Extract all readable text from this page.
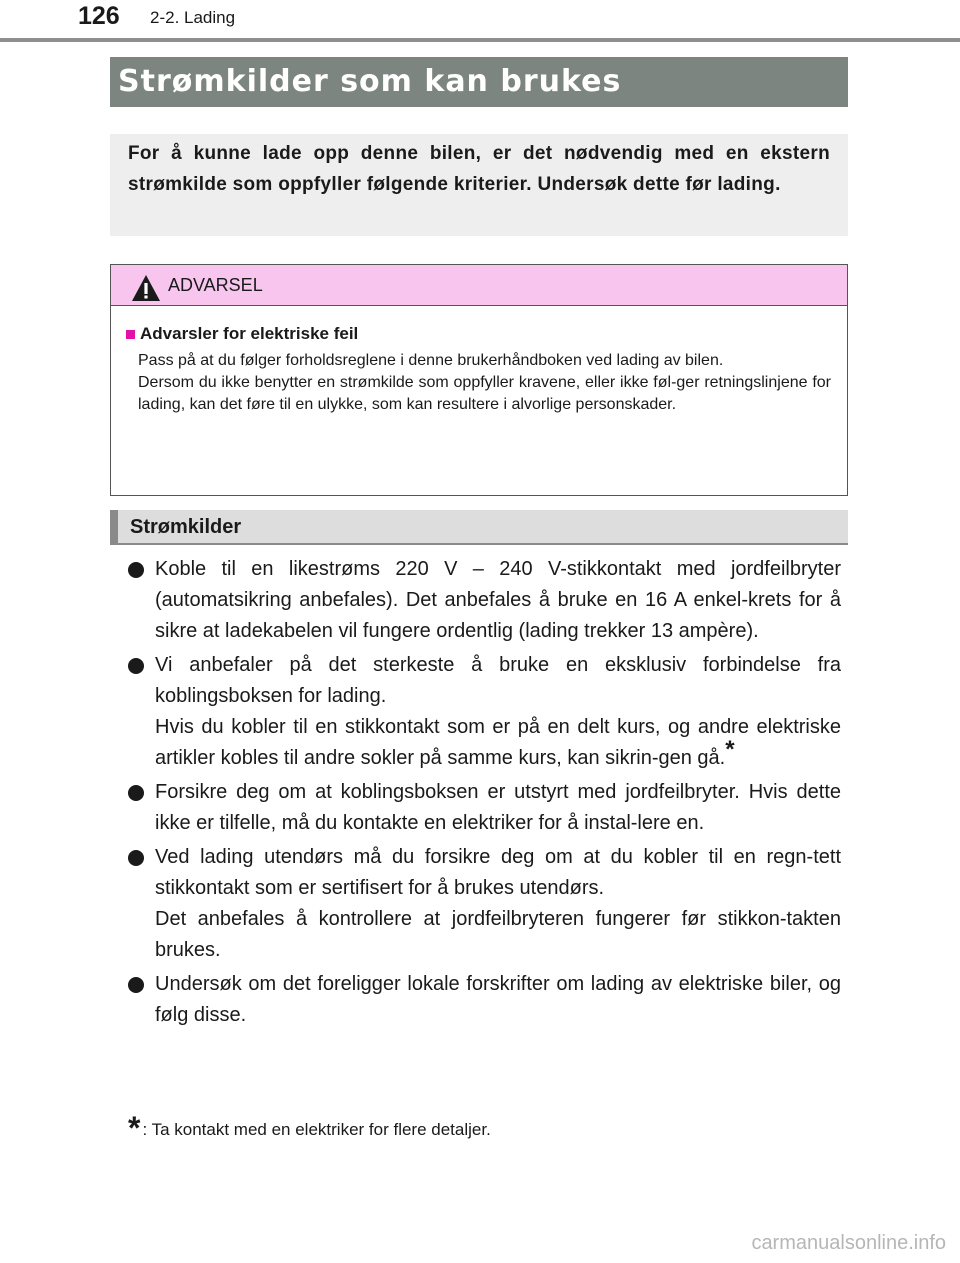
126 2-2. Lading
Strømkilder som kan brukes
For å kunne lade opp denne bilen, er det nødvendig med en ekstern strømkilde som oppfyller følgende kriterier. Undersøk dette før lading.
ADVARSEL
Advarsler for elektriske feil

Pass på at du følger forholdsreglene i denne brukerhåndboken ved lading av bilen.

Dersom du ikke benytter en strømkilde som oppfyller kravene, eller ikke føl-ger retningslinjene for lading, kan det føre til en ulykke, som kan resultere i alvorlige personskader.

Strømkilder

Koble til en likestrøms 220 V – 240 V-stikkontakt med jordfeilbryter (automatsikring anbefales). Det anbefales å bruke en 16 A enkel-krets for å sikre at ladekabelen vil fungere ordentlig (lading trekker 13 ampère).

Vi anbefaler på det sterkeste å bruke en eksklusiv forbindelse fra koblingsboksen for lading.

Hvis du kobler til en stikkontakt som er på en delt kurs, og andre elektriske artikler kobles til andre sokler på samme kurs, kan sikrin-gen gå.*

Forsikre deg om at koblingsboksen er utstyrt med jordfeilbryter. Hvis dette ikke er tilfelle, må du kontakte en elektriker for å instal-lere en.

Ved lading utendørs må du forsikre deg om at du kobler til en regn-tett stikkontakt som er sertifisert for å brukes utendørs.

Det anbefales å kontrollere at jordfeilbryteren fungerer før stikkon-takten brukes.

Undersøk om det foreligger lokale forskrifter om lading av elektriske biler, og følg disse.

* : Ta kontakt med en elektriker for flere detaljer.
carmanualsonline.info
